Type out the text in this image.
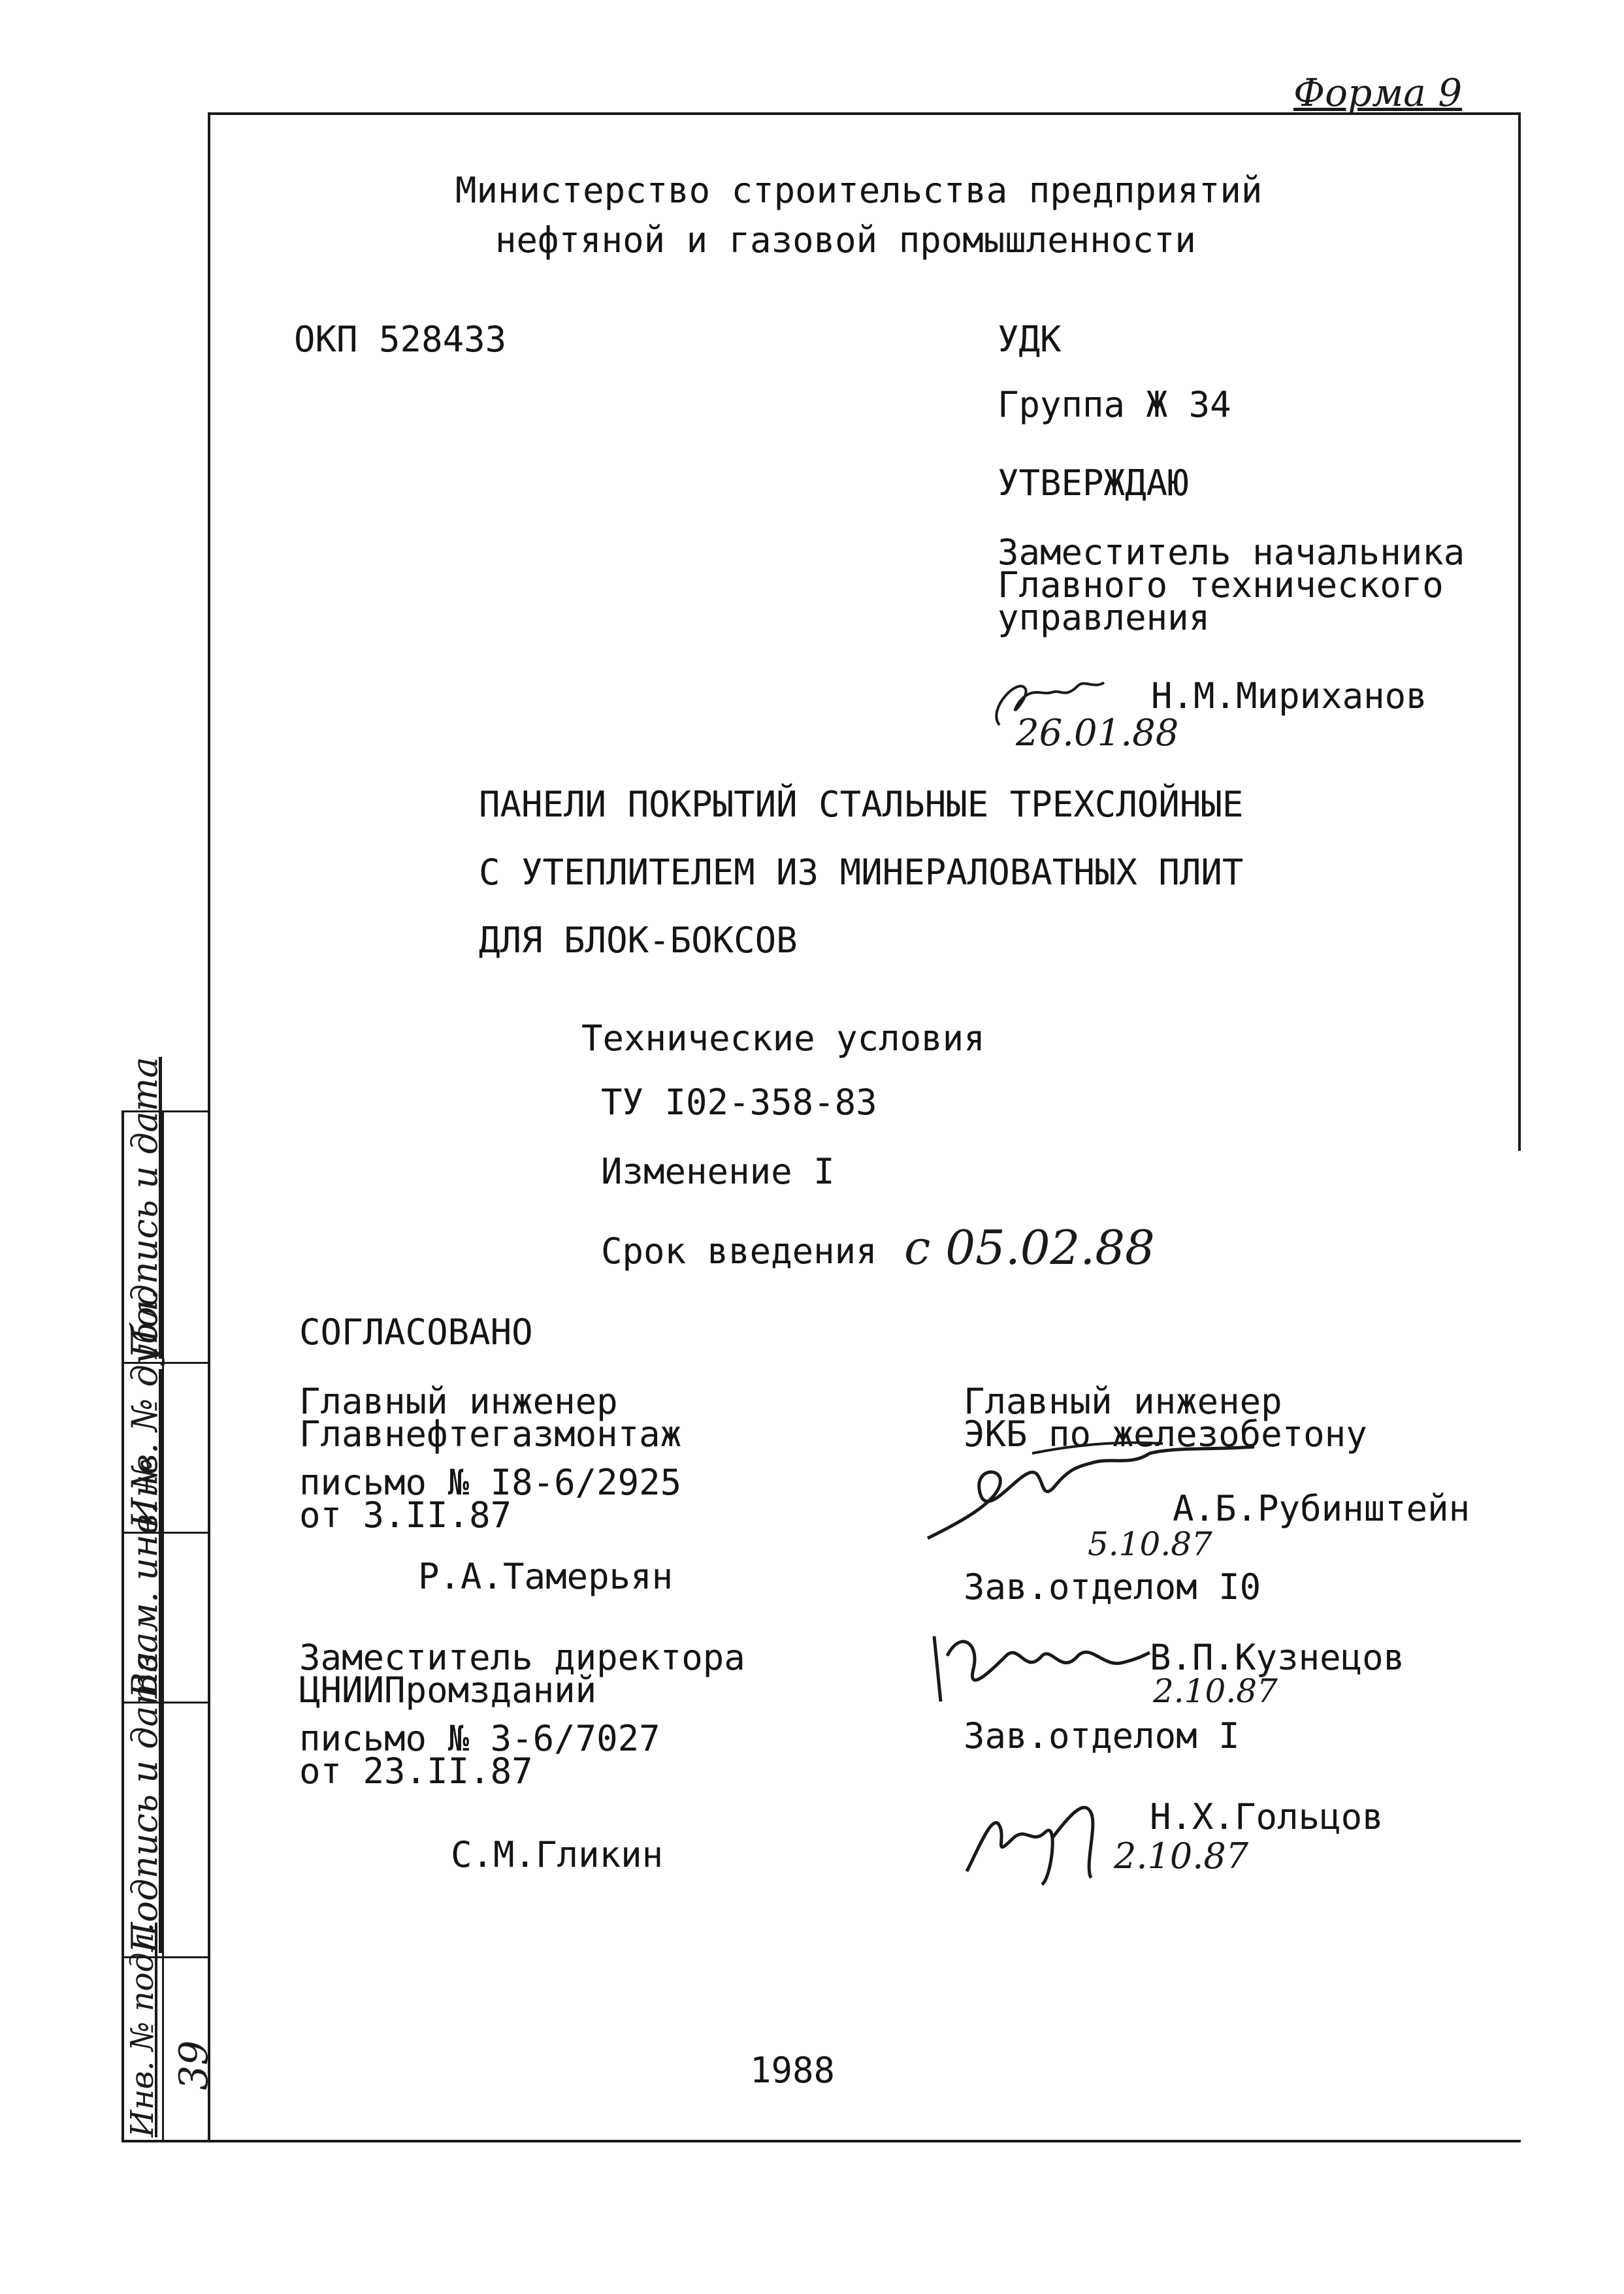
Подпись и дата
Инв. № дубл.
Взам. инв. №
Подпись и дата
Инв. № подл. 39
Форма 9
Министерство строительства предприятий
нефтяной и газовой промышленности
ОКП 528433	УДК
Группа Ж 34
УТВЕРЖДАЮ
Заместитель начальника
Главного технического
управления
26.01.88
Н.М.Мириханов
ПАНЕЛИ ПОКРЫТИЙ СТАЛЬНЫЕ ТРЕХСЛОЙНЫЕ
С УТЕПЛИТЕЛЕМ ИЗ МИНЕРАЛОВАТНЫХ ПЛИТ
ДЛЯ БЛОК-БОКСОВ
Технические условия
ТУ I02-358-83
Изменение I
Срок введения с 05.02.88
СОГЛАСОВАНО
Главный инженер
Главнефтегазмонтаж
письмо № I8-6/2925
от 3.II.87
Р.А.Тамерьян
Заместитель директора
ЦНИИПромзданий
письмо № 3-6/7027
от 23.II.87
С.М.Гликин
Главный инженер
ЭКБ по железобетону
А.Б.Рубинштейн
5.10.87
Зав.отделом I0
В.П.Кузнецов
2.10.87
Зав.отделом I
Н.Х.Гольцов
2.10.87
1988
